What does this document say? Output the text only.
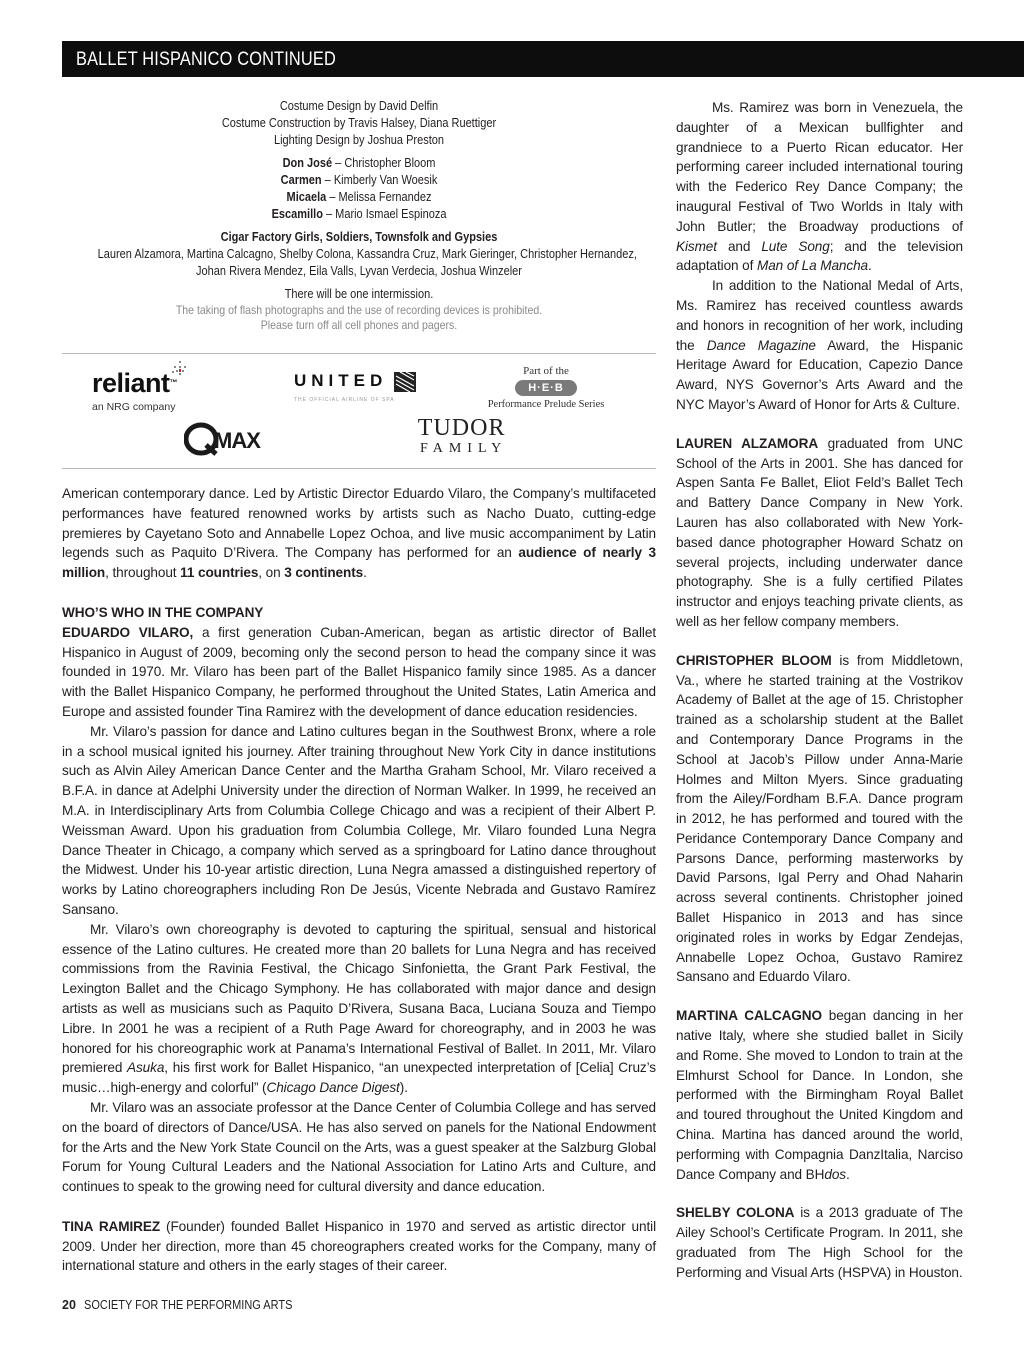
BALLET HISPANICO CONTINUED
Costume Design by David Delfin
Costume Construction by Travis Halsey, Diana Ruettiger
Lighting Design by Joshua Preston
Don José – Christopher Bloom
Carmen – Kimberly Van Woesik
Micaela – Melissa Fernandez
Escamillo – Mario Ismael Espinoza
Cigar Factory Girls, Soldiers, Townsfolk and Gypsies
Lauren Alzamora, Martina Calcagno, Shelby Colona, Kassandra Cruz, Mark Gieringer, Christopher Hernandez,
Johan Rivera Mendez, Eila Valls, Lyvan Verdecia, Joshua Winzeler
There will be one intermission.
The taking of flash photographs and the use of recording devices is prohibited.
Please turn off all cell phones and pagers.
reliant™
an NRG company
UNITED
THE OFFICIAL AIRLINE OF SPA
Part of the
H·E·B
Performance Prelude Series
MAX	TUDOR
FAMILY

American contemporary dance. Led by Artistic Director Eduardo Vilaro, the Company’s multifaceted performances have featured renowned works by artists such as Nacho Duato, cutting-edge premieres by Cayetano Soto and Annabelle Lopez Ochoa, and live music accompaniment by Latin legends such as Paquito D’Rivera. The Company has performed for an audience of nearly 3 million, throughout 11 countries, on 3 continents.

WHO’S WHO IN THE COMPANY

EDUARDO VILARO, a first generation Cuban-American, began as artistic director of Ballet Hispanico in August of 2009, becoming only the second person to head the company since it was founded in 1970. Mr. Vilaro has been part of the Ballet Hispanico family since 1985. As a dancer with the Ballet Hispanico Company, he performed throughout the United States, Latin America and Europe and assisted founder Tina Ramirez with the development of dance education residencies.

Mr. Vilaro’s passion for dance and Latino cultures began in the Southwest Bronx, where a role in a school musical ignited his journey. After training throughout New York City in dance institutions such as Alvin Ailey American Dance Center and the Martha Graham School, Mr. Vilaro received a B.F.A. in dance at Adelphi University under the direction of Norman Walker. In 1999, he received an M.A. in Interdisciplinary Arts from Columbia College Chicago and was a recipient of their Albert P. Weissman Award. Upon his graduation from Columbia College, Mr. Vilaro founded Luna Negra Dance Theater in Chicago, a company which served as a springboard for Latino dance throughout the Midwest. Under his 10-year artistic direction, Luna Negra amassed a distinguished repertory of works by Latino choreographers including Ron De Jesús, Vicente Nebrada and Gustavo Ramírez Sansano.

Mr. Vilaro’s own choreography is devoted to capturing the spiritual, sensual and historical essence of the Latino cultures. He created more than 20 ballets for Luna Negra and has received commissions from the Ravinia Festival, the Chicago Sinfonietta, the Grant Park Festival, the Lexington Ballet and the Chicago Symphony. He has collaborated with major dance and design artists as well as musicians such as Paquito D’Rivera, Susana Baca, Luciana Souza and Tiempo Libre. In 2001 he was a recipient of a Ruth Page Award for choreography, and in 2003 he was honored for his choreographic work at Panama’s International Festival of Ballet. In 2011, Mr. Vilaro premiered Asuka, his first work for Ballet Hispanico, “an unexpected interpretation of [Celia] Cruz’s music…high-energy and colorful” (Chicago Dance Digest).

Mr. Vilaro was an associate professor at the Dance Center of Columbia College and has served on the board of directors of Dance/USA. He has also served on panels for the National Endowment for the Arts and the New York State Council on the Arts, was a guest speaker at the Salzburg Global Forum for Young Cultural Leaders and the National Association for Latino Arts and Culture, and continues to speak to the growing need for cultural diversity and dance education.

TINA RAMIREZ (Founder) founded Ballet Hispanico in 1970 and served as artistic director until 2009. Under her direction, more than 45 choreographers created works for the Company, many of international stature and others in the early stages of their career.

Ms. Ramirez was born in Venezuela, the daughter of a Mexican bullfighter and grandniece to a Puerto Rican educator. Her performing career included international touring with the Federico Rey Dance Company; the inaugural Festival of Two Worlds in Italy with John Butler; the Broadway productions of Kismet and Lute Song; and the television adaptation of Man of La Mancha.

In addition to the National Medal of Arts, Ms. Ramirez has received countless awards and honors in recognition of her work, including the Dance Magazine Award, the Hispanic Heritage Award for Education, Capezio Dance Award, NYS Governor’s Arts Award and the NYC Mayor’s Award of Honor for Arts & Culture.

LAUREN ALZAMORA graduated from UNC School of the Arts in 2001. She has danced for Aspen Santa Fe Ballet, Eliot Feld’s Ballet Tech and Battery Dance Company in New York. Lauren has also collaborated with New York-based dance photographer Howard Schatz on several projects, including underwater dance photography. She is a fully certified Pilates instructor and enjoys teaching private clients, as well as her fellow company members.

CHRISTOPHER BLOOM is from Middletown, Va., where he started training at the Vostrikov Academy of Ballet at the age of 15. Christopher trained as a scholarship student at the Ballet and Contemporary Dance Programs in the School at Jacob’s Pillow under Anna-Marie Holmes and Milton Myers. Since graduating from the Ailey/Fordham B.F.A. Dance program in 2012, he has performed and toured with the Peridance Contemporary Dance Company and Parsons Dance, performing masterworks by David Parsons, Igal Perry and Ohad Naharin across several continents. Christopher joined Ballet Hispanico in 2013 and has since originated roles in works by Edgar Zendejas, Annabelle Lopez Ochoa, Gustavo Ramirez Sansano and Eduardo Vilaro.

MARTINA CALCAGNO began dancing in her native Italy, where she studied ballet in Sicily and Rome. She moved to London to train at the Elmhurst School for Dance. In London, she performed with the Birmingham Royal Ballet and toured throughout the United Kingdom and China. Martina has danced around the world, performing with Compagnia DanzItalia, Narciso Dance Company and BHdos.

SHELBY COLONA is a 2013 graduate of The Ailey School’s Certificate Program. In 2011, she graduated from The High School for the Performing and Visual Arts (HSPVA) in Houston.

20 SOCIETY FOR THE PERFORMING ARTS
